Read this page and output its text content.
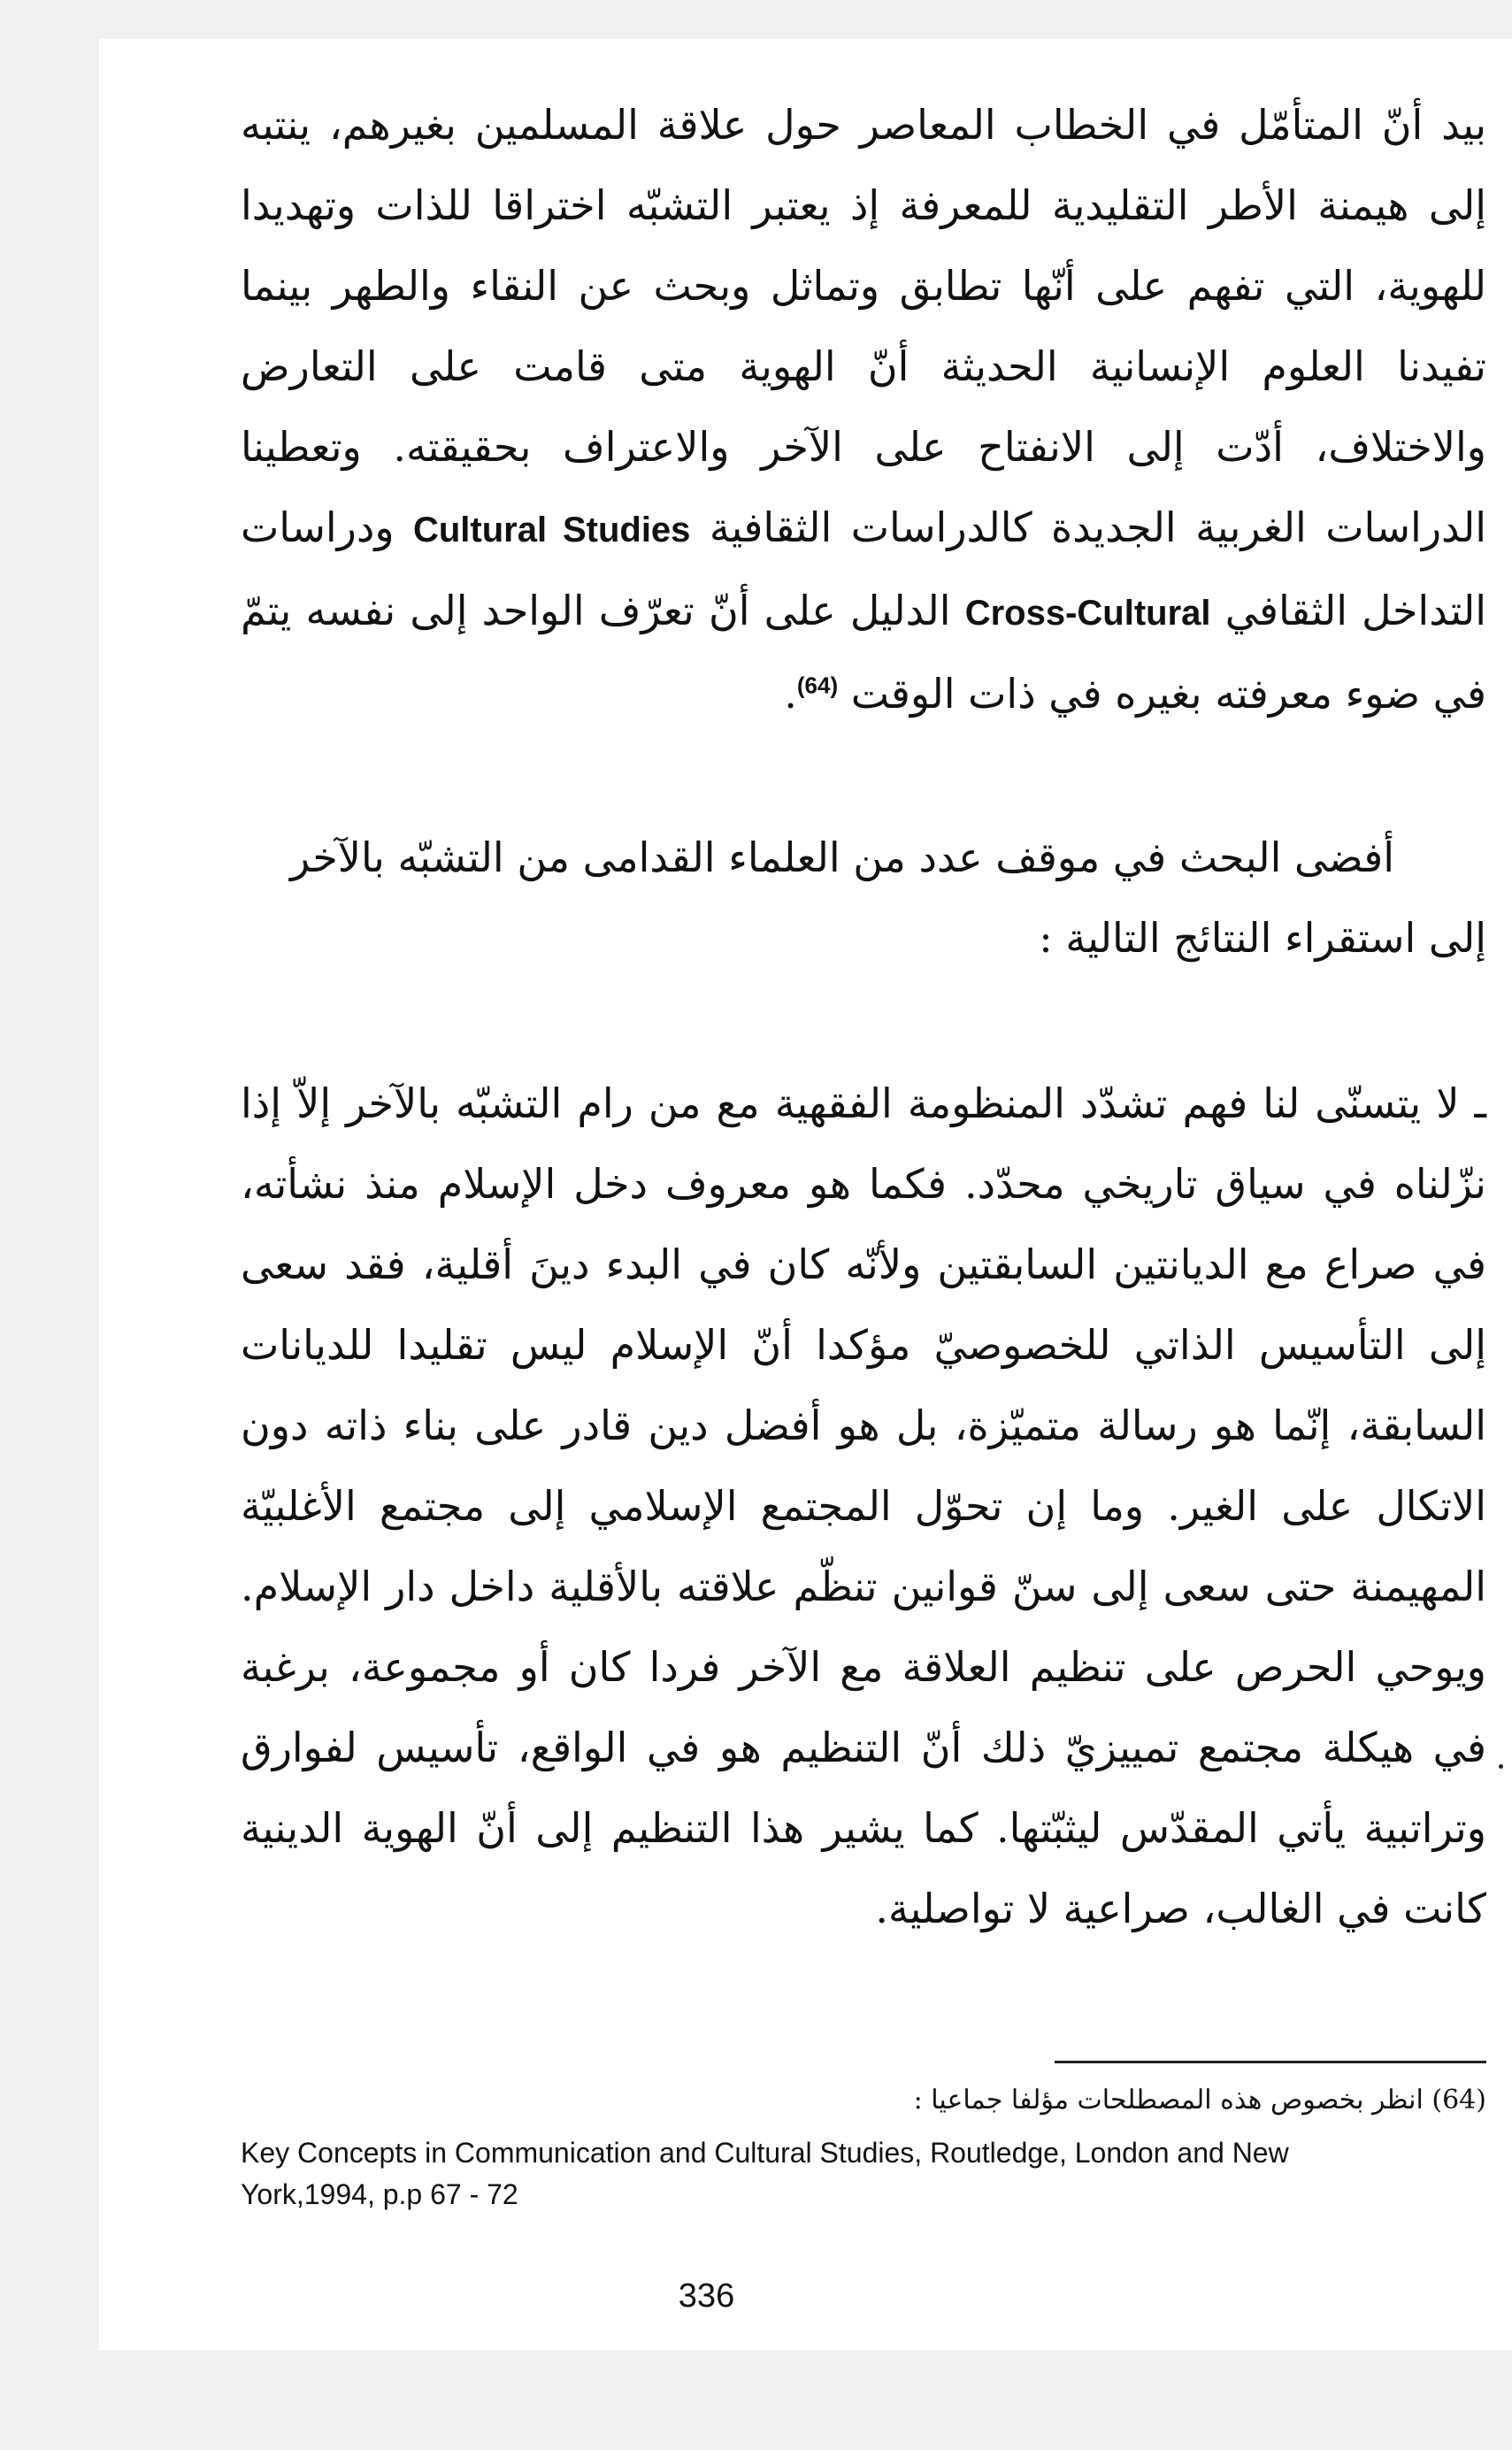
بيد أنّ المتأمّل في الخطاب المعاصر حول علاقة المسلمين بغيرهم، ينتبه إلى هيمنة الأطر التقليدية للمعرفة إذ يعتبر التشبّه اختراقا للذات وتهديدا للهوية، التي تفهم على أنّها تطابق وتماثل وبحث عن النقاء والطهر بينما تفيدنا العلوم الإنسانية الحديثة أنّ الهوية متى قامت على التعارض والاختلاف، أدّت إلى الانفتاح على الآخر والاعتراف بحقيقته. وتعطينا الدراسات الغربية الجديدة كالدراسات الثقافية Cultural Studies ودراسات التداخل الثقافي Cross-Cultural الدليل على أنّ تعرّف الواحد إلى نفسه يتمّ في ضوء معرفته بغيره في ذات الوقت $^{(64)}$.

أفضى البحث في موقف عدد من العلماء القدامى من التشبّه بالآخر
إلى استقراء النتائج التالية :

ـ لا يتسنّى لنا فهم تشدّد المنظومة الفقهية مع من رام التشبّه بالآخر إلاّ إذا نزّلناه في سياق تاريخي محدّد. فكما هو معروف دخل الإسلام منذ نشأته، في صراع مع الديانتين السابقتين ولأنّه كان في البدء دينَ أقلية، فقد سعى إلى التأسيس الذاتي للخصوصيّ مؤكدا أنّ الإسلام ليس تقليدا للديانات السابقة، إنّما هو رسالة متميّزة، بل هو أفضل دين قادر على بناء ذاته دون الاتكال على الغير. وما إن تحوّل المجتمع الإسلامي إلى مجتمع الأغلبيّة المهيمنة حتى سعى إلى سنّ قوانين تنظّم علاقته بالأقلية داخل دار الإسلام. ويوحي الحرص على تنظيم العلاقة مع الآخر فردا كان أو مجموعة، برغبة في هيكلة مجتمع تمييزيّ ذلك أنّ التنظيم هو في الواقع، تأسيس لفوارق وتراتبية يأتي المقدّس ليثبّتها. كما يشير هذا التنظيم إلى أنّ الهوية الدينية كانت في الغالب، صراعية لا تواصلية.

(64) انظر بخصوص هذه المصطلحات مؤلفا جماعيا :

Key Concepts in Communication and Cultural Studies, Routledge, London and New York,1994, p.p 67 - 72

336
